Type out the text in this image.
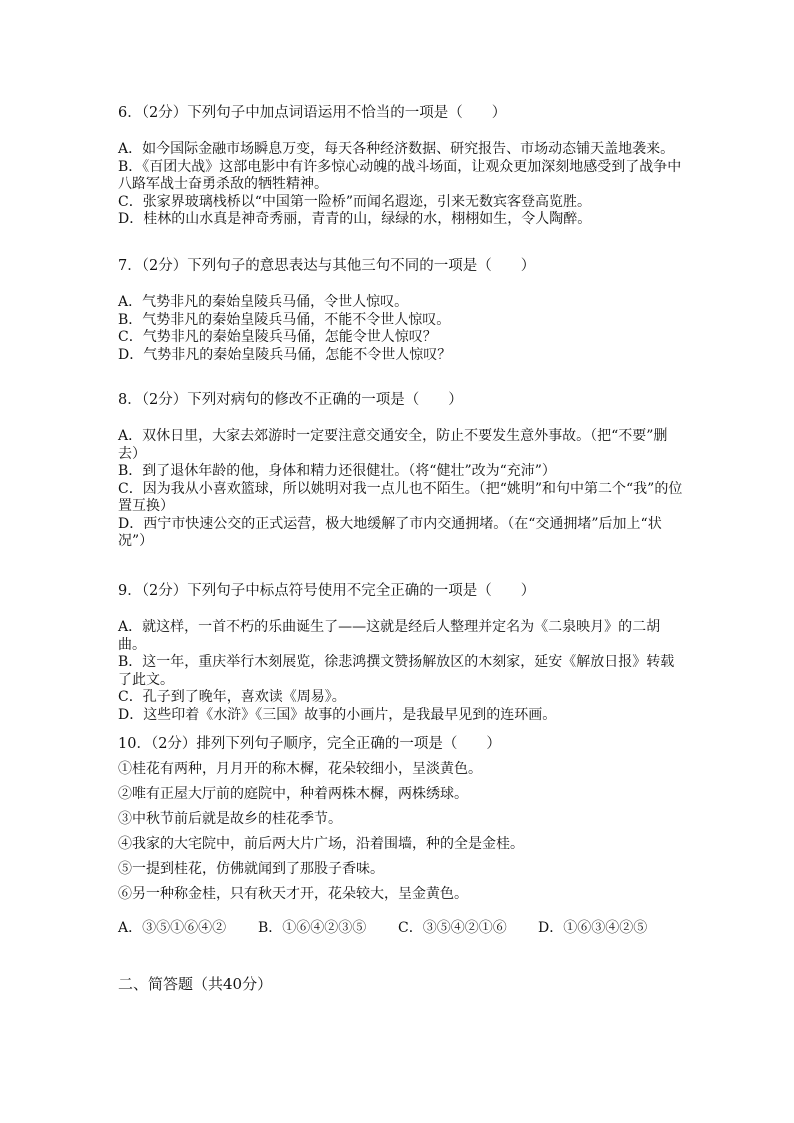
6．（2分）下列句子中加点词语运用不恰当的一项是（　　）
A．如今国际金融市场瞬息万变，每天各种经济数据、研究报告、市场动态铺天盖地袭来。
B．《百团大战》这部电影中有许多惊心动魄的战斗场面，让观众更加深刻地感受到了战争中八路军战士奋勇杀敌的牺牲精神。
C．张家界玻璃栈桥以“中国第一险桥”而闻名遐迩，引来无数宾客登高览胜。
D．桂林的山水真是神奇秀丽，青青的山，绿绿的水，栩栩如生，令人陶醉。
7．（2分）下列句子的意思表达与其他三句不同的一项是（　　）
A．气势非凡的秦始皇陵兵马俑，令世人惊叹。
B．气势非凡的秦始皇陵兵马俑，不能不令世人惊叹。
C．气势非凡的秦始皇陵兵马俑，怎能令世人惊叹？
D．气势非凡的秦始皇陵兵马俑，怎能不令世人惊叹？
8．（2分）下列对病句的修改不正确的一项是（　　）
A．双休日里，大家去郊游时一定要注意交通安全，防止不要发生意外事故。（把“不要”删去）
B．到了退休年龄的他，身体和精力还很健壮。（将“健壮”改为“充沛”）
C．因为我从小喜欢篮球，所以姚明对我一点儿也不陌生。（把“姚明”和句中第二个“我”的位置互换）
D．西宁市快速公交的正式运营，极大地缓解了市内交通拥堵。（在“交通拥堵”后加上“状况”）
9．（2分）下列句子中标点符号使用不完全正确的一项是（　　）
A．就这样，一首不朽的乐曲诞生了——这就是经后人整理并定名为《二泉映月》的二胡曲。
B．这一年，重庆举行木刻展览，徐悲鸿撰文赞扬解放区的木刻家，延安《解放日报》转载了此文。
C．孔子到了晚年，喜欢读《周易》。
D．这些印着《水浒》《三国》故事的小画片，是我最早见到的连环画。
10．（2分）排列下列句子顺序，完全正确的一项是（　　）
①桂花有两种，月月开的称木樨，花朵较细小，呈淡黄色。
②唯有正屋大厅前的庭院中，种着两株木樨，两株绣球。
③中秋节前后就是故乡的桂花季节。
④我家的大宅院中，前后两大片广场，沿着围墙，种的全是金桂。
⑤一提到桂花，仿佛就闻到了那股子香味。
⑥另一种称金桂，只有秋天才开，花朵较大，呈金黄色。
A．③⑤①⑥④② B．①⑥④②③⑤ C．③⑤④②①⑥ D．①⑥③④②⑤
二、简答题（共40分）
